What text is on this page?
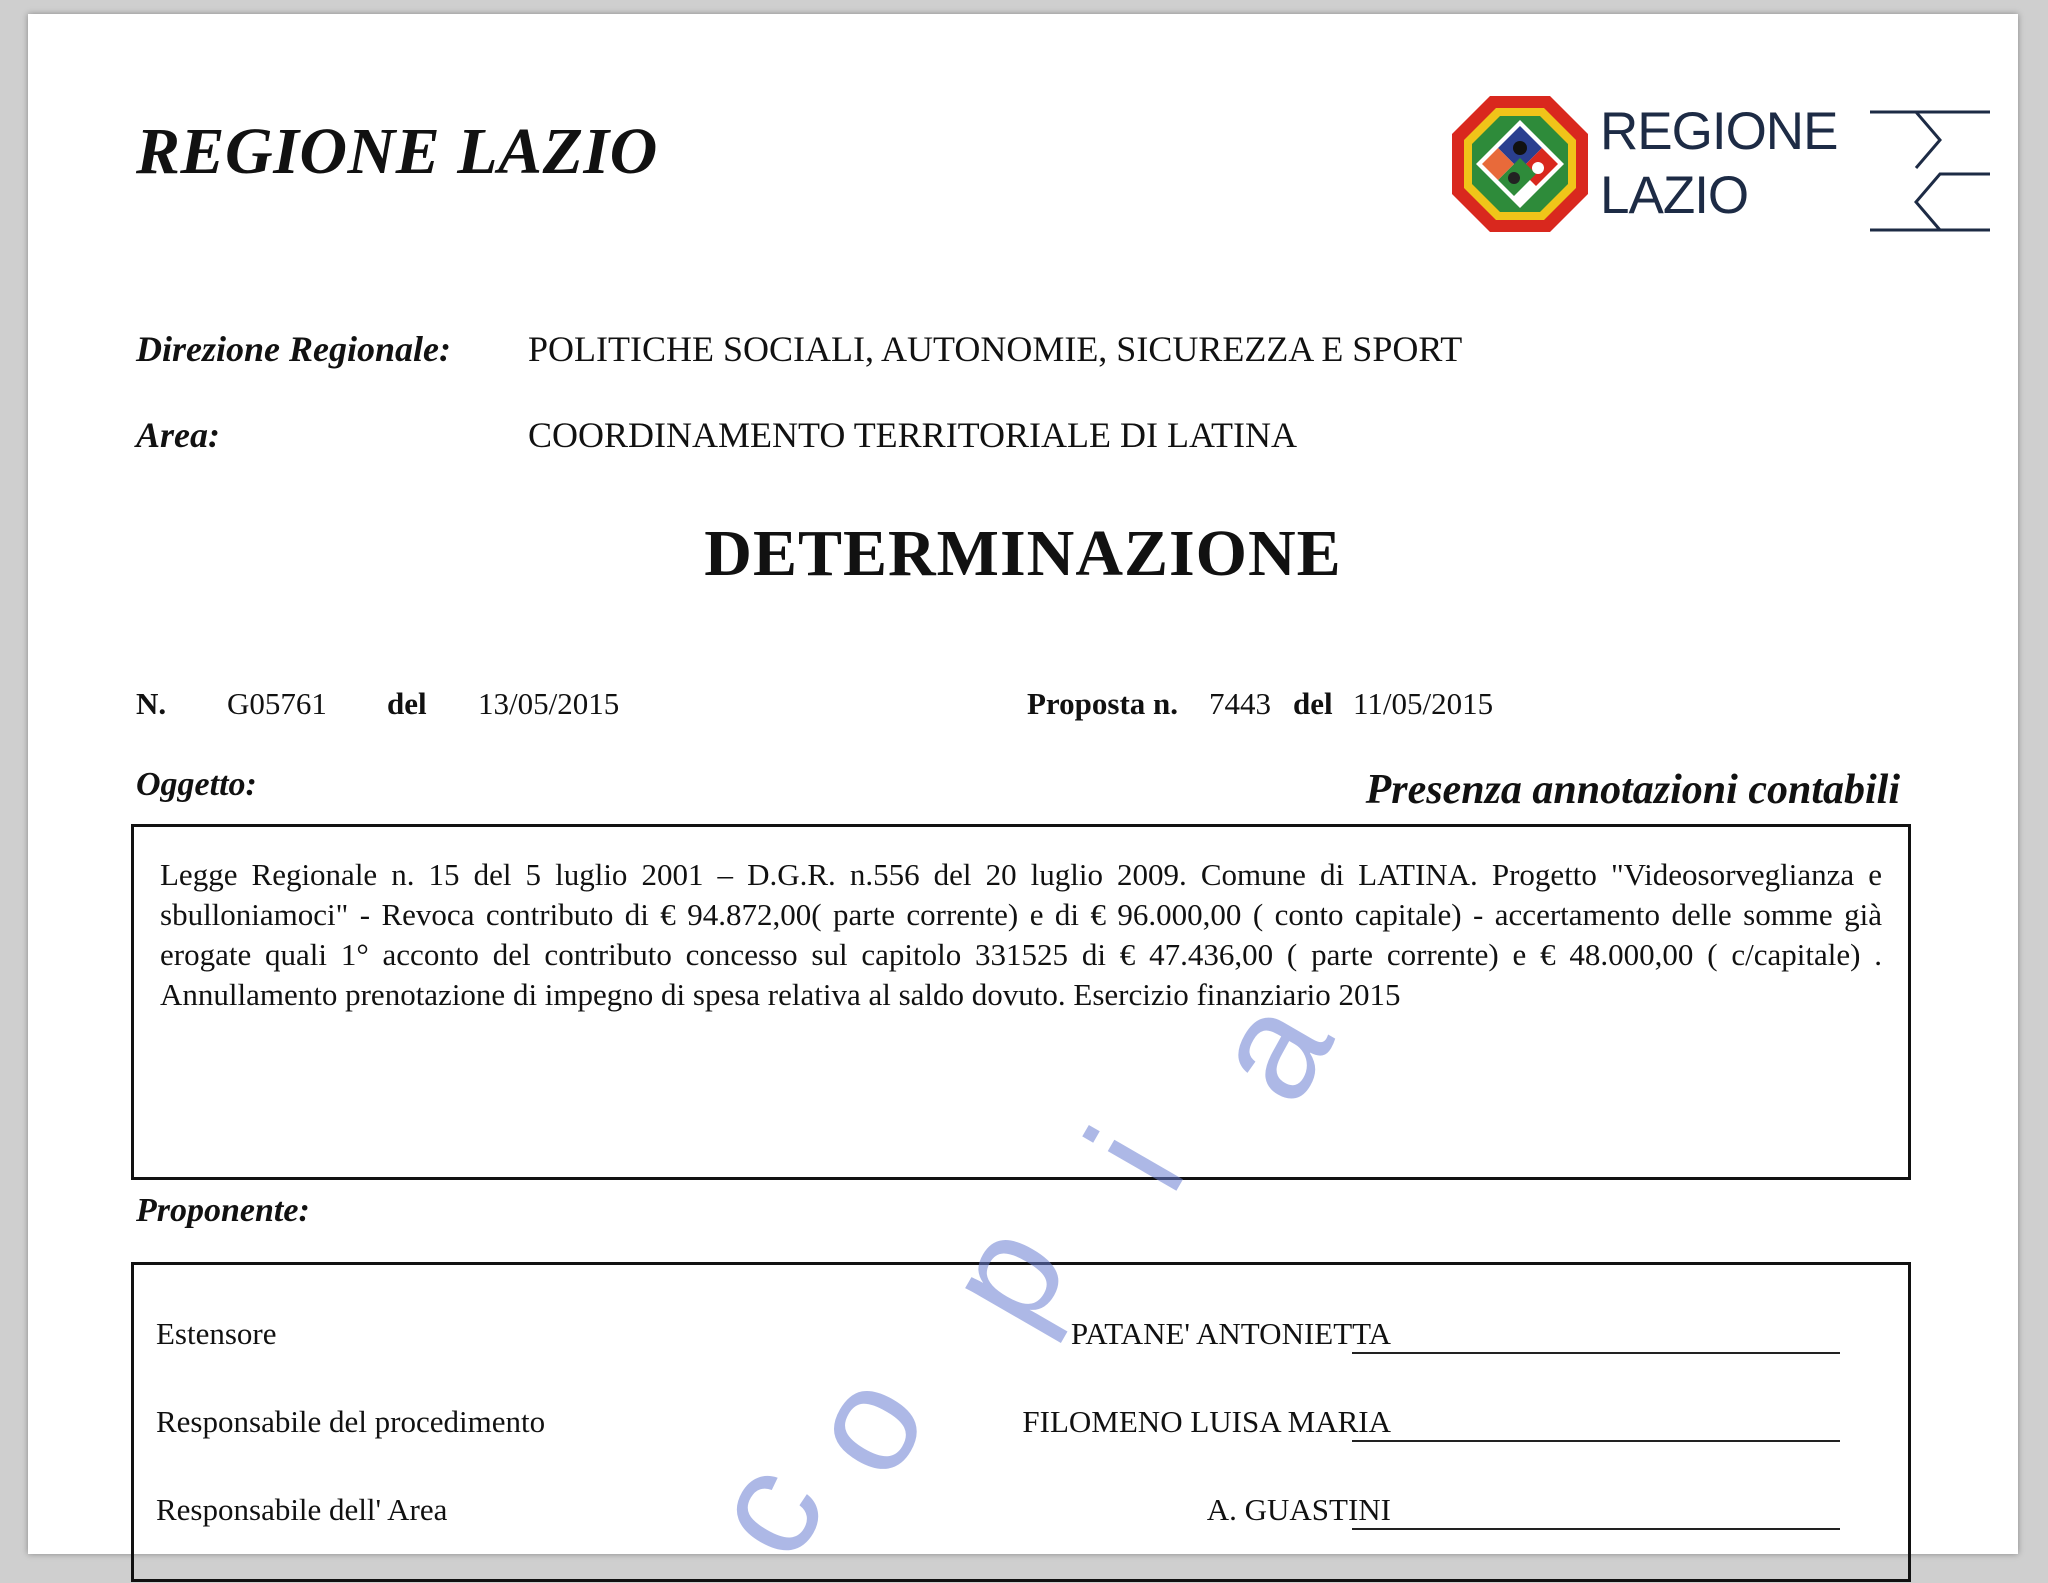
REGIONE LAZIO	REGIONE
LAZIO
Direzione Regionale: POLITICHE SOCIALI, AUTONOMIE, SICUREZZA E SPORT
Area:	COORDINAMENTO TERRITORIALE DI LATINA
DETERMINAZIONE
N. G05761 del 13/05/2015	Proposta n. 7443 del 11/05/2015
Oggetto:	Presenza annotazioni contabili
Legge Regionale n. 15 del 5 luglio 2001 – D.G.R. n.556 del 20 luglio 2009. Comune di LATINA. Progetto "Videosorveglianza e sbulloniamoci" - Revoca contributo di € 94.872,00( parte corrente) e di € 96.000,00 ( conto capitale) - accertamento delle somme già erogate quali 1° acconto del contributo concesso sul capitolo 331525 di € 47.436,00 ( parte corrente) e € 48.000,00 ( c/capitale) . Annullamento prenotazione di impegno di spesa relativa al saldo dovuto. Esercizio finanziario 2015
Proponente:
Estensore	PATANE' ANTONIETTA
Responsabile del procedimento	FILOMENO LUISA MARIA
Responsabile dell' Area	A. GUASTINI
c
o
p
i
a
